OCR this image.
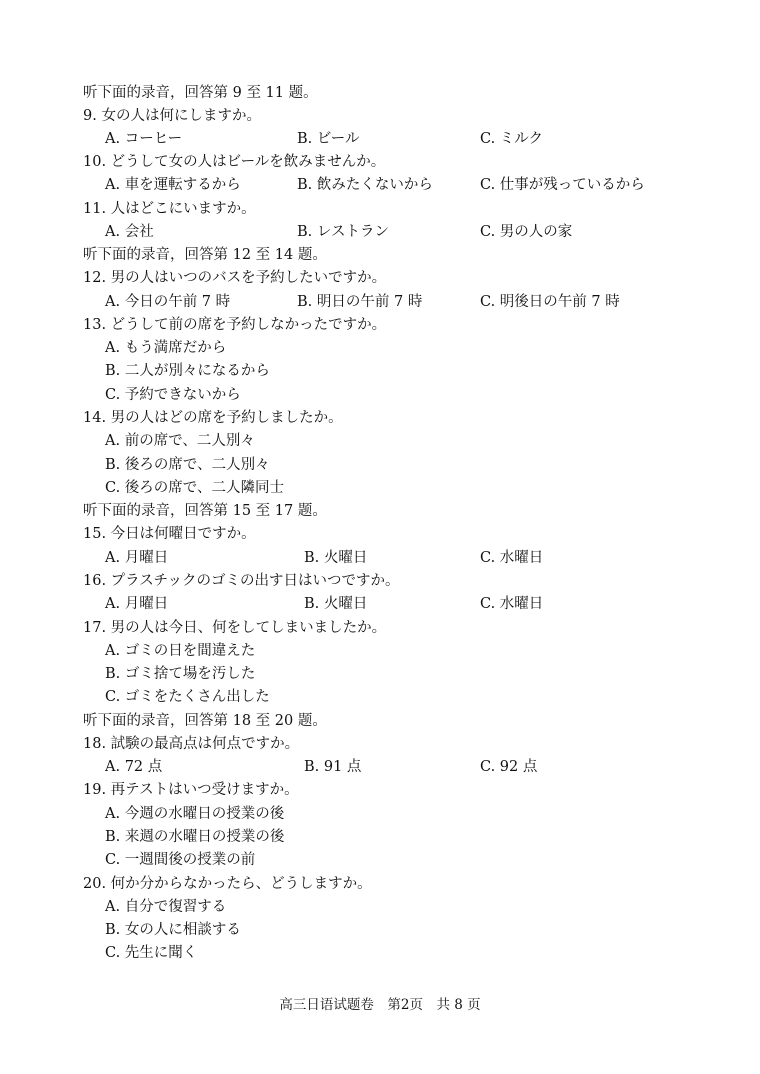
听下面的录音，回答第 9 至 11 题。
9. 女の人は何にしますか。
A. コーヒー	B. ビール	C. ミルク
10. どうして女の人はビールを飲みませんか。
A. 車を運転するから	B. 飲みたくないから	C. 仕事が残っているから
11. 人はどこにいますか。
A. 会社	B. レストラン	C. 男の人の家
听下面的录音，回答第 12 至 14 题。
12. 男の人はいつのバスを予約したいですか。
A. 今日の午前 7 時	B. 明日の午前 7 時	C. 明後日の午前 7 時
13. どうして前の席を予約しなかったですか。
A. もう満席だから
B. 二人が別々になるから
C. 予約できないから
14. 男の人はどの席を予約しましたか。
A. 前の席で、二人別々
B. 後ろの席で、二人別々
C. 後ろの席で、二人隣同士
听下面的录音，回答第 15 至 17 题。
15. 今日は何曜日ですか。
A. 月曜日	B. 火曜日	C. 水曜日
16. プラスチックのゴミの出す日はいつですか。
A. 月曜日	B. 火曜日	C. 水曜日
17. 男の人は今日、何をしてしまいましたか。
A. ゴミの日を間違えた
B. ゴミ捨て場を汚した
C. ゴミをたくさん出した
听下面的录音，回答第 18 至 20 题。
18. 試験の最高点は何点ですか。
A. 72 点	B. 91 点	C. 92 点
19. 再テストはいつ受けますか。
A. 今週の水曜日の授業の後
B. 来週の水曜日の授業の後
C. 一週間後の授業の前
20. 何か分からなかったら、どうしますか。
A. 自分で復習する
B. 女の人に相談する
C. 先生に聞く
高三日语试题卷　第2页　共 8 页
